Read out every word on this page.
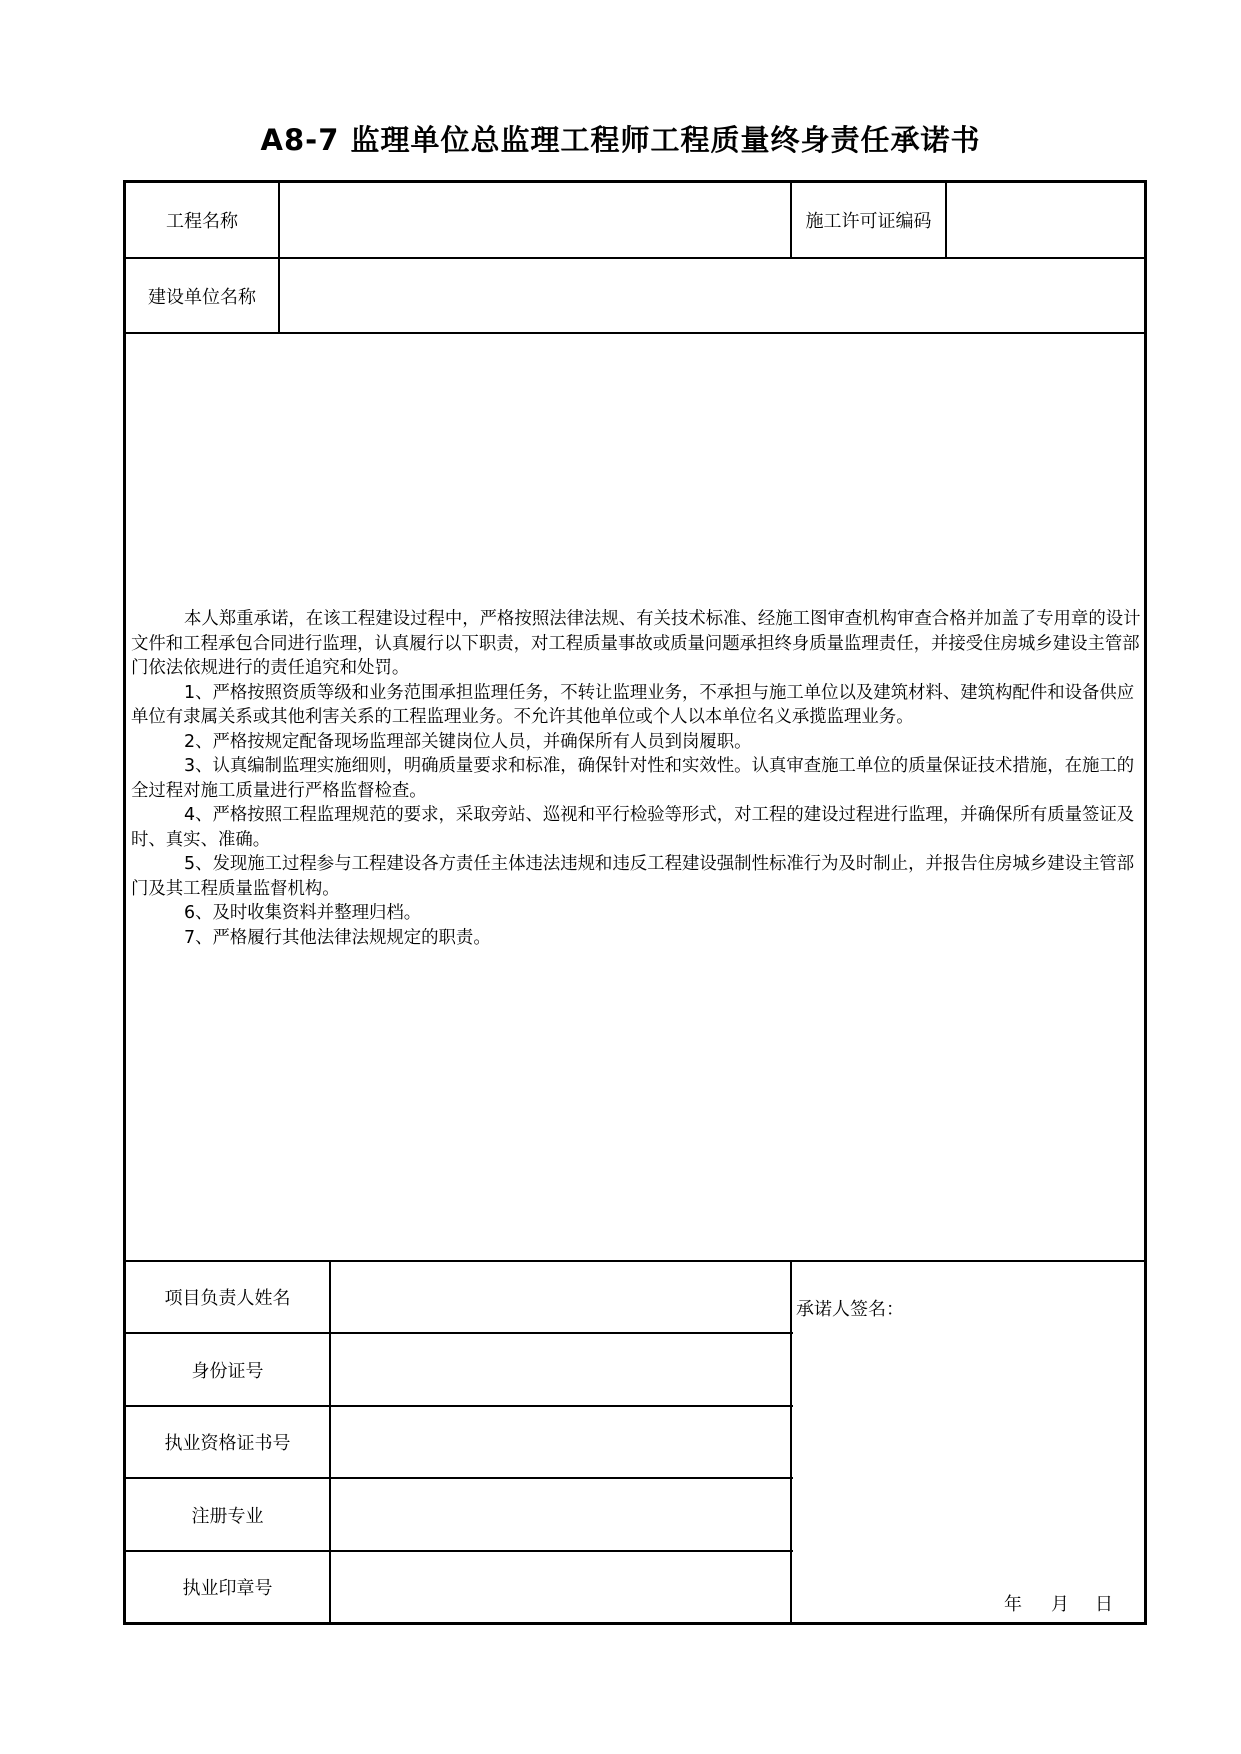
A8-7 监理单位总监理工程师工程质量终身责任承诺书
工程名称	施工许可证编码
建设单位名称

本人郑重承诺，在该工程建设过程中，严格按照法律法规、有关技术标准、经施工图审查机构审查合格并加盖了专用章的设计文件和工程承包合同进行监理，认真履行以下职责，对工程质量事故或质量问题承担终身质量监理责任，并接受住房城乡建设主管部门依法依规进行的责任追究和处罚。

1、严格按照资质等级和业务范围承担监理任务，不转让监理业务，不承担与施工单位以及建筑材料、建筑构配件和设备供应单位有隶属关系或其他利害关系的工程监理业务。不允许其他单位或个人以本单位名义承揽监理业务。

2、严格按规定配备现场监理部关键岗位人员，并确保所有人员到岗履职。

3、认真编制监理实施细则，明确质量要求和标准，确保针对性和实效性。认真审查施工单位的质量保证技术措施，在施工的全过程对施工质量进行严格监督检查。

4、严格按照工程监理规范的要求，采取旁站、巡视和平行检验等形式，对工程的建设过程进行监理，并确保所有质量签证及时、真实、准确。

5、发现施工过程参与工程建设各方责任主体违法违规和违反工程建设强制性标准行为及时制止，并报告住房城乡建设主管部门及其工程质量监督机构。

6、及时收集资料并整理归档。

7、严格履行其他法律法规规定的职责。

项目负责人姓名
身份证号
执业资格证书号
注册专业
执业印章号
承诺人签名：
年	月	日
